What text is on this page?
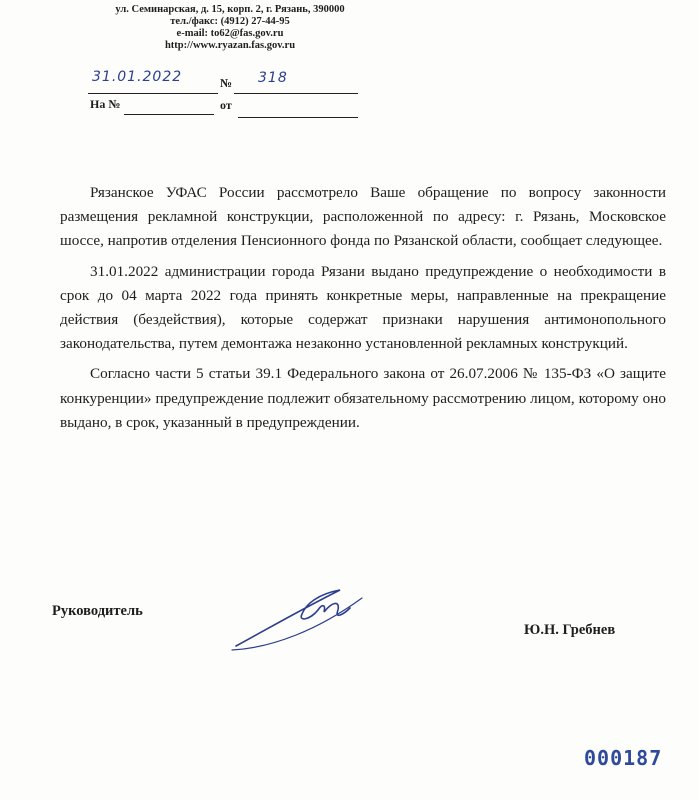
ул. Семинарская, д. 15, корп. 2, г. Рязань, 390000
тел./факс: (4912) 27-44-95
e-mail: to62@fas.gov.ru
http://www.ryazan.fas.gov.ru
31.01.2022	№ 318
На №	от

Рязанское УФАС России рассмотрело Ваше обращение по вопросу законности размещения рекламной конструкции, расположенной по адресу: г. Рязань, Московское шоссе, напротив отделения Пенсионного фонда по Рязанской области, сообщает следующее.

31.01.2022 администрации города Рязани выдано предупреждение о необходимости в срок до 04 марта 2022 года принять конкретные меры, направленные на прекращение действия (бездействия), которые содержат признаки нарушения антимонопольного законодательства, путем демонтажа незаконно установленной рекламных конструкций.

Согласно части 5 статьи 39.1 Федерального закона от 26.07.2006 № 135-ФЗ «О защите конкуренции» предупреждение подлежит обязательному рассмотрению лицом, которому оно выдано, в срок, указанный в предупреждении.

Руководитель
Ю.Н. Гребнев
000187
